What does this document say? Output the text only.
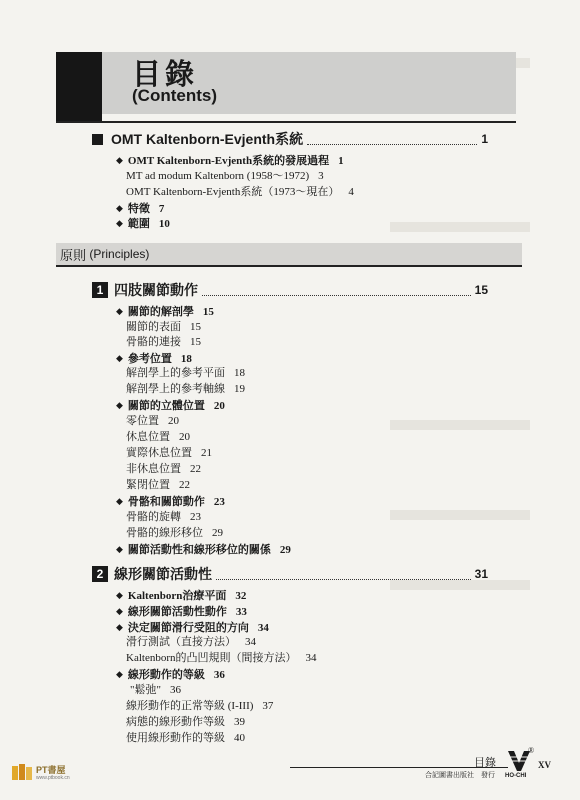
目錄
(Contents)
OMT Kaltenborn-Evjenth系統	1
◆ OMT Kaltenborn-Evjenth系統的發展過程 1
MT ad modum Kaltenborn (1958～1972) 3
OMT Kaltenborn-Evjenth系統（1973～現在） 4
◆ 特徵 7
◆ 範圍 10
原則
(Principles)
1 四肢關節動作	15
◆ 關節的解剖學 15
關節的表面 15
骨骼的連接 15
◆ 參考位置 18
解剖學上的參考平面 18
解剖學上的參考軸線 19
◆ 關節的立體位置 20
零位置 20
休息位置 20
實際休息位置 21
非休息位置 22
緊閉位置 22
◆ 骨骼和關節動作 23
骨骼的旋轉 23
骨骼的線形移位 29
◆ 關節活動性和線形移位的關係 29
2 線形關節活動性	31
◆ Kaltenborn治療平面 32
◆ 線形關節活動性動作 33
◆ 決定關節滑行受阻的方向 34
滑行測試（直接方法） 34
Kaltenborn的凸凹規則（間接方法） 34
◆ 線形動作的等級 36
"鬆弛" 36
線形動作的正常等級 (I-III) 37
病態的線形動作等級 39
使用線形動作的等級 40
目錄
合記圖書出版社　發行 HO-CHI
®
XV
PT書屋
www.ptbook.cn
